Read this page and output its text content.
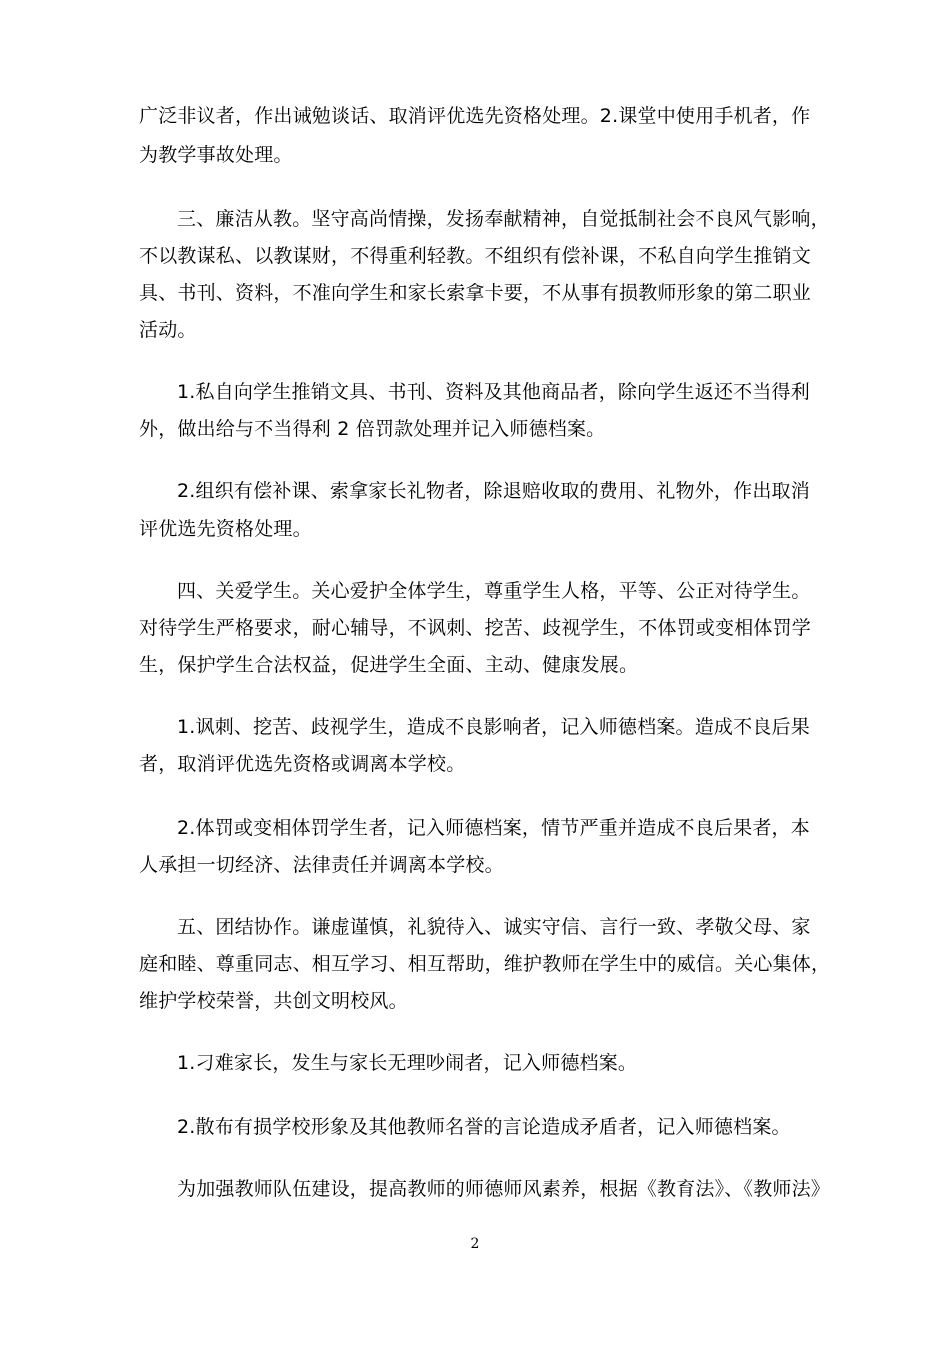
广泛非议者，作出诫勉谈话、取消评优选先资格处理。2.课堂中使用手机者，作
为教学事故处理。
三、廉洁从教。坚守高尚情操，发扬奉献精神，自觉抵制社会不良风气影响，
不以教谋私、以教谋财，不得重利轻教。不组织有偿补课，不私自向学生推销文
具、书刊、资料，不准向学生和家长索拿卡要，不从事有损教师形象的第二职业
活动。
1.私自向学生推销文具、书刊、资料及其他商品者，除向学生返还不当得利
外，做出给与不当得利 2 倍罚款处理并记入师德档案。
2.组织有偿补课、索拿家长礼物者，除退赔收取的费用、礼物外，作出取消
评优选先资格处理。
四、关爱学生。关心爱护全体学生，尊重学生人格，平等、公正对待学生。
对待学生严格要求，耐心辅导，不讽刺、挖苦、歧视学生，不体罚或变相体罚学
生，保护学生合法权益，促进学生全面、主动、健康发展。
1.讽刺、挖苦、歧视学生，造成不良影响者，记入师德档案。造成不良后果
者，取消评优选先资格或调离本学校。
2.体罚或变相体罚学生者，记入师德档案，情节严重并造成不良后果者，本
人承担一切经济、法律责任并调离本学校。
五、团结协作。谦虚谨慎，礼貌待入、诚实守信、言行一致、孝敬父母、家
庭和睦、尊重同志、相互学习、相互帮助，维护教师在学生中的威信。关心集体，
维护学校荣誉，共创文明校风。
1.刁难家长，发生与家长无理吵闹者，记入师德档案。
2.散布有损学校形象及其他教师名誉的言论造成矛盾者，记入师德档案。
为加强教师队伍建设，提高教师的师德师风素养，根据《教育法》、《教师法》
2
